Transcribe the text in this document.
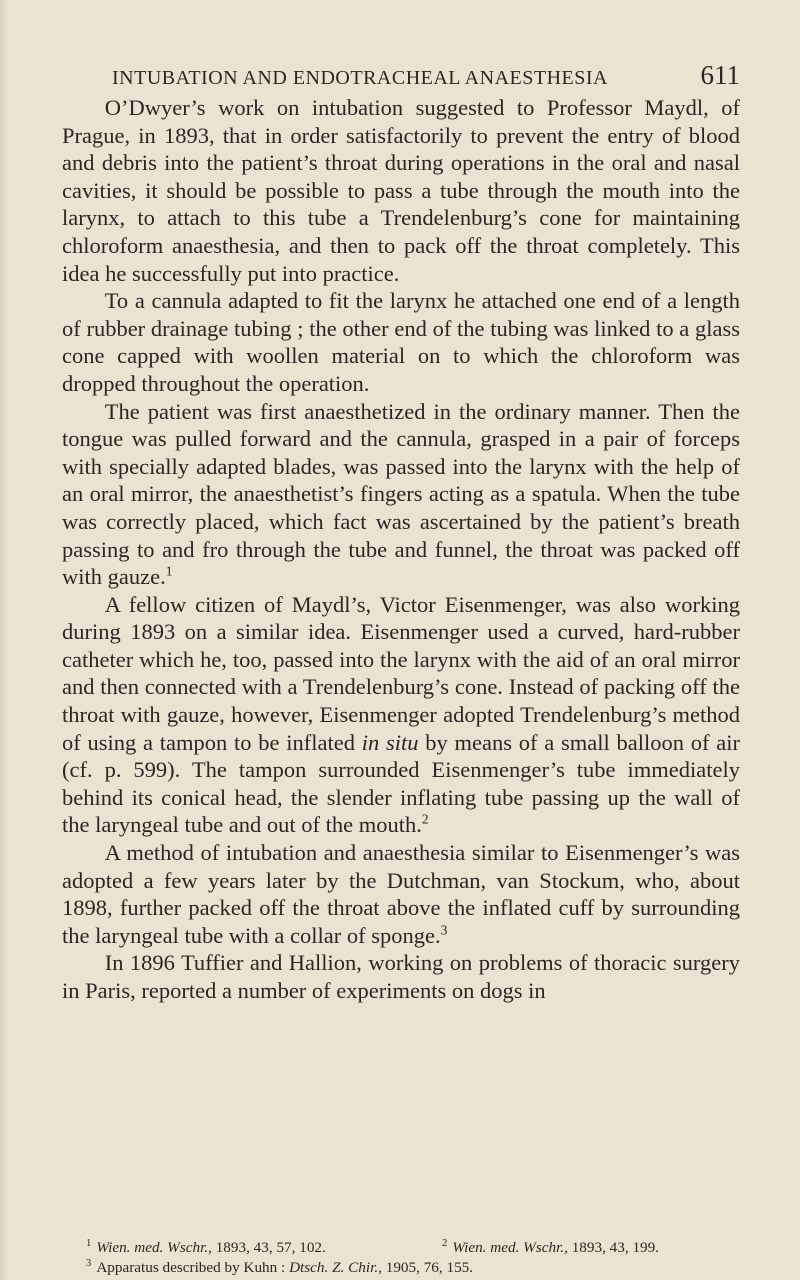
INTUBATION AND ENDOTRACHEAL ANAESTHESIA	611

O’Dwyer’s work on intubation suggested to Professor Maydl, of Prague, in 1893, that in order satisfactorily to prevent the entry of blood and debris into the patient’s throat during operations in the oral and nasal cavities, it should be possible to pass a tube through the mouth into the larynx, to attach to this tube a Trendelenburg’s cone for maintaining chloroform anaesthesia, and then to pack off the throat completely. This idea he successfully put into practice.

To a cannula adapted to fit the larynx he attached one end of a length of rubber drainage tubing ; the other end of the tubing was linked to a glass cone capped with woollen material on to which the chloroform was dropped throughout the operation.

The patient was first anaesthetized in the ordinary manner. Then the tongue was pulled forward and the cannula, grasped in a pair of forceps with specially adapted blades, was passed into the larynx with the help of an oral mirror, the anaesthetist’s fingers acting as a spatula. When the tube was correctly placed, which fact was ascertained by the patient’s breath passing to and fro through the tube and funnel, the throat was packed off with gauze.$^1$

A fellow citizen of Maydl’s, Victor Eisenmenger, was also working during 1893 on a similar idea. Eisenmenger used a curved, hard-rubber catheter which he, too, passed into the larynx with the aid of an oral mirror and then connected with a Trendelenburg’s cone. Instead of packing off the throat with gauze, however, Eisenmenger adopted Trendelenburg’s method of using a tampon to be inflated in situ by means of a small balloon of air (cf. p. 599). The tampon surrounded Eisenmenger’s tube immediately behind its conical head, the slender inflating tube passing up the wall of the laryngeal tube and out of the mouth.$^2$

A method of intubation and anaesthesia similar to Eisenmenger’s was adopted a few years later by the Dutchman, van Stockum, who, about 1898, further packed off the throat above the inflated cuff by surrounding the laryngeal tube with a collar of sponge.$^3$

In 1896 Tuffier and Hallion, working on problems of thoracic surgery in Paris, reported a number of experiments on dogs in

$^1$ Wien. med. Wschr., 1893, 43, 57, 102.	$^2$ Wien. med. Wschr., 1893, 43, 199.
$^3$ Apparatus described by Kuhn : Dtsch. Z. Chir., 1905, 76, 155.
